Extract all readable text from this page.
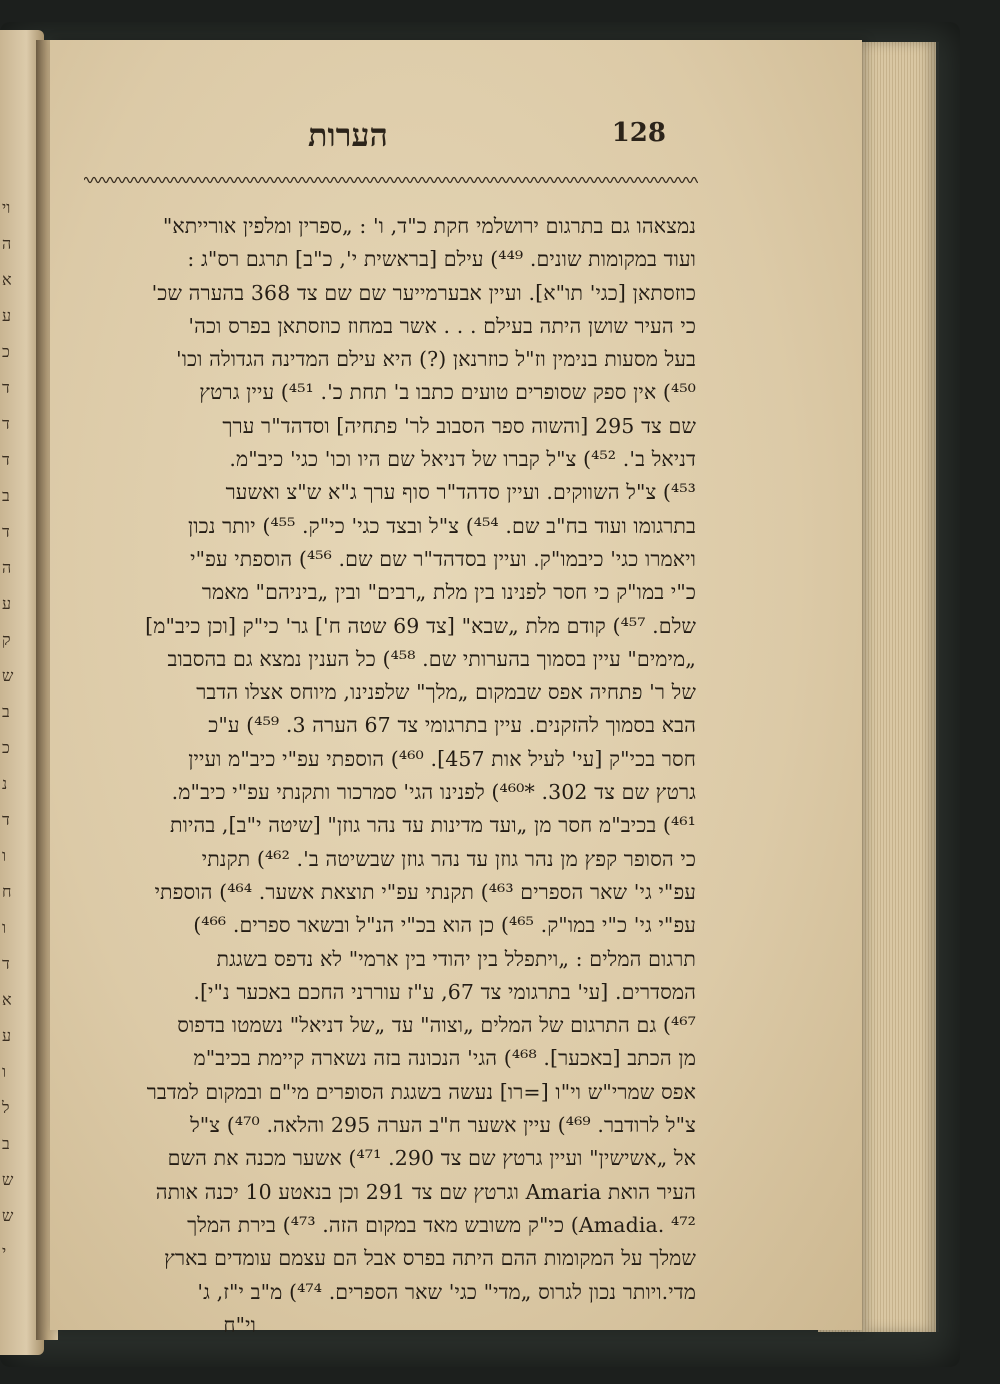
וי
ה
א
ע
כ
ד
ד
ד
ב
ד
ה
ע
ק
ש
ב
כ
נ
ד
ו
ח
ו
ד
א
ע
ו
ל
ב
ש
ש
י
הערות	128
נמצאהו גם בתרגום ירושלמי חקת כ"ד, ו' : „ספרין ומלפין אורייתא"
ועוד במקומות שונים. ⁴⁴⁹) עילם [בראשית י', כ"ב] תרגם רס"ג :
כוזסתאן [כגי' תו"א]. ועיין אבערמייער שם שם צד 368 בהערה שכ'
כי העיר שושן היתה בעילם . . . אשר במחוז כוזסתאן בפרס וכה'
בעל מסעות בנימין וז"ל כוזרנאן (?) היא עילם המדינה הגדולה וכו'
⁴⁵⁰) אין ספק שסופרים טועים כתבו ב' תחת כ'. ⁴⁵¹) עיין גרטץ
שם צד 295 [והשוה ספר הסבוב לר' פתחיה] וסדהד"ר ערך
דניאל ב'. ⁴⁵²) צ"ל קברו של דניאל שם היו וכו' כגי' כיב"מ.
⁴⁵³) צ"ל השווקים. ועיין סדהד"ר סוף ערך ג"א ש"צ ואשער
בתרגומו ועוד בח"ב שם. ⁴⁵⁴) צ"ל ובצד כגי' כי"ק. ⁴⁵⁵) יותר נכון
ויאמרו כגי' כיבמו"ק. ועיין בסדהד"ר שם שם. ⁴⁵⁶) הוספתי עפ"י
כ"י במו"ק כי חסר לפנינו בין מלת „רבים" ובין „ביניהם" מאמר
שלם. ⁴⁵⁷) קודם מלת „שבא" [צד 69 שטה ח'] גר' כי"ק [וכן כיב"מ]
„מימים" עיין בסמוך בהערותי שם. ⁴⁵⁸) כל הענין נמצא גם בהסבוב
של ר' פתחיה אפס שבמקום „מלך" שלפנינו, מיוחס אצלו הדבר
הבא בסמוך להזקנים. עיין בתרגומי צד 67 הערה 3. ⁴⁵⁹) ע"כ
חסר בכי"ק [עי' לעיל אות 457]. ⁴⁶⁰) הוספתי עפ"י כיב"מ ועיין
גרטץ שם צד 302. *⁴⁶⁰) לפנינו הגי' סמרכור ותקנתי עפ"י כיב"מ.
⁴⁶¹) בכיב"מ חסר מן „ועד מדינות עד נהר גוזן" [שיטה י"ב], בהיות
כי הסופר קפץ מן נהר גוזן עד נהר גוזן שבשיטה ב'. ⁴⁶²) תקנתי
עפ"י גי' שאר הספרים ⁴⁶³) תקנתי עפ"י תוצאת אשער. ⁴⁶⁴) הוספתי
עפ"י גי' כ"י במו"ק. ⁴⁶⁵) כן הוא בכ"י הנ"ל ובשאר ספרים. ⁴⁶⁶)
תרגום המלים : „ויתפלל בין יהודי בין ארמי" לא נדפס בשגגת
המסדרים. [עי' בתרגומי צד 67, ע"ז עוררני החכם באכער נ"י].
⁴⁶⁷) גם התרגום של המלים „וצוה" עד „של דניאל" נשמטו בדפוס
מן הכתב [באכער]. ⁴⁶⁸) הגי' הנכונה בזה נשארה קיימת בכיב"מ
אפס שמרי"ש וי"ו [=רו] נעשה בשגגת הסופרים מי"ם ובמקום למדבר
צ"ל לרודבר. ⁴⁶⁹) עיין אשער ח"ב הערה 295 והלאה. ⁴⁷⁰) צ"ל
אל „אשישין" ועיין גרטץ שם צד 290. ⁴⁷¹) אשער מכנה את השם
העיר הואת Amaria וגרטץ שם צד 291 וכן בנאטע 10 יכנה אותה
Amadia. ⁴⁷²) כי"ק משובש מאד במקום הזה. ⁴⁷³) בירת המלך
שמלך על המקומות ההם היתה בפרס אבל הם עצמם עומדים בארץ
מדי.ויותר נכון לגרוס „מדי" כגי' שאר הספרים. ⁴⁷⁴) מ"ב י"ז, ג'
וי"ח
